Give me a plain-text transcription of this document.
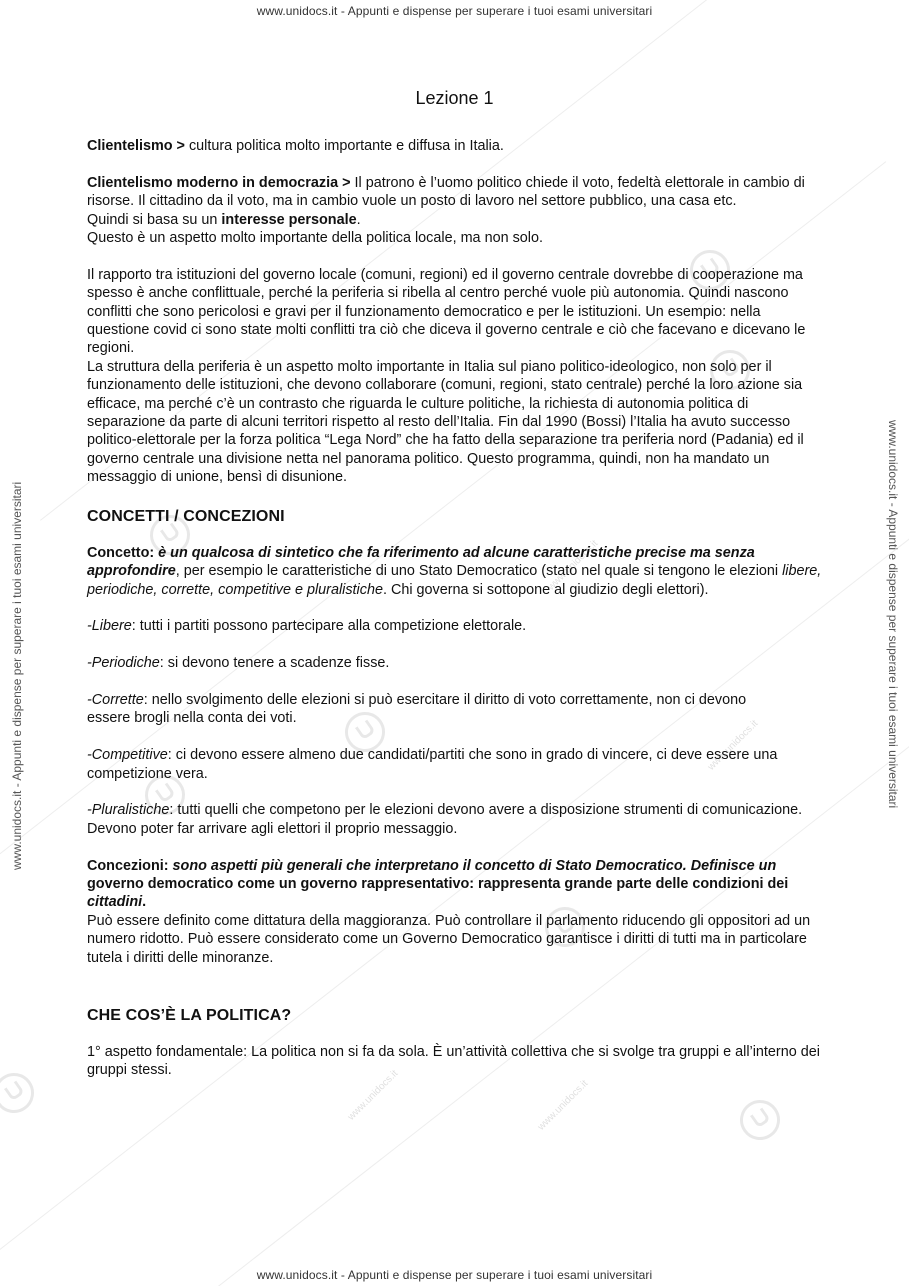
www.unidocs.it
www.unidocs.it
www.unidocs.it
www.unidocs.it
www.unidocs.it - Appunti e dispense per superare i tuoi esami universitari
www.unidocs.it - Appunti e dispense per superare i tuoi esami universitari	www.unidocs.it - Appunti e dispense per superare i tuoi esami universitari
Lezione 1

Clientelismo > cultura politica molto importante e diffusa in Italia.

Clientelismo moderno in democrazia > Il patrono è l’uomo politico chiede il voto, fedeltà elettorale in cambio di risorse. Il cittadino da il voto, ma in cambio vuole un posto di lavoro nel settore pubblico, una casa etc.

Quindi si basa su un interesse personale.

Questo è un aspetto molto importante della politica locale, ma non solo.

Il rapporto tra istituzioni del governo locale (comuni, regioni) ed il governo centrale dovrebbe di cooperazione ma spesso è anche conflittuale, perché la periferia si ribella al centro perché vuole più autonomia. Quindi nascono conflitti che sono pericolosi e gravi per il funzionamento democratico e per le istituzioni. Un esempio: nella questione covid ci sono state molti conflitti tra ciò che diceva il governo centrale e ciò che facevano e dicevano le regioni.

La struttura della periferia è un aspetto molto importante in Italia sul piano politico-ideologico, non solo per il funzionamento delle istituzioni, che devono collaborare (comuni, regioni, stato centrale) perché la loro azione sia efficace, ma perché c’è un contrasto che riguarda le culture politiche, la richiesta di autonomia politica di separazione da parte di alcuni territori rispetto al resto dell’Italia. Fin dal 1990 (Bossi) l’Italia ha avuto successo politico-elettorale per la forza politica “Lega Nord” che ha fatto della separazione tra periferia nord (Padania) ed il governo centrale una divisione netta nel panorama politico. Questo programma, quindi, non ha mandato un messaggio di unione, bensì di disunione.

CONCETTI / CONCEZIONI

Concetto: è un qualcosa di sintetico che fa riferimento ad alcune caratteristiche precise ma senza approfondire, per esempio le caratteristiche di uno Stato Democratico (stato nel quale si tengono le elezioni libere, periodiche, corrette, competitive e pluralistiche. Chi governa si sottopone al giudizio degli elettori).

-Libere: tutti i partiti possono partecipare alla competizione elettorale.

-Periodiche: si devono tenere a scadenze fisse.

-Corrette: nello svolgimento delle elezioni si può esercitare il diritto di voto correttamente, non ci devono

essere brogli nella conta dei voti.

-Competitive: ci devono essere almeno due candidati/partiti che sono in grado di vincere, ci deve essere una

competizione vera.

-Pluralistiche: tutti quelli che competono per le elezioni devono avere a disposizione strumenti di comunicazione. Devono poter far arrivare agli elettori il proprio messaggio.

Concezioni: sono aspetti più generali che interpretano il concetto di Stato Democratico. Definisce un governo democratico come un governo rappresentativo: rappresenta grande parte delle condizioni dei cittadini.

Può essere definito come dittatura della maggioranza. Può controllare il parlamento riducendo gli oppositori ad un numero ridotto. Può essere considerato come un Governo Democratico garantisce i diritti di tutti ma in particolare tutela i diritti delle minoranze.

CHE COS’È LA POLITICA?

1° aspetto fondamentale: La politica non si fa da sola. È un’attività collettiva che si svolge tra gruppi e all’interno dei gruppi stessi.

www.unidocs.it - Appunti e dispense per superare i tuoi esami universitari
